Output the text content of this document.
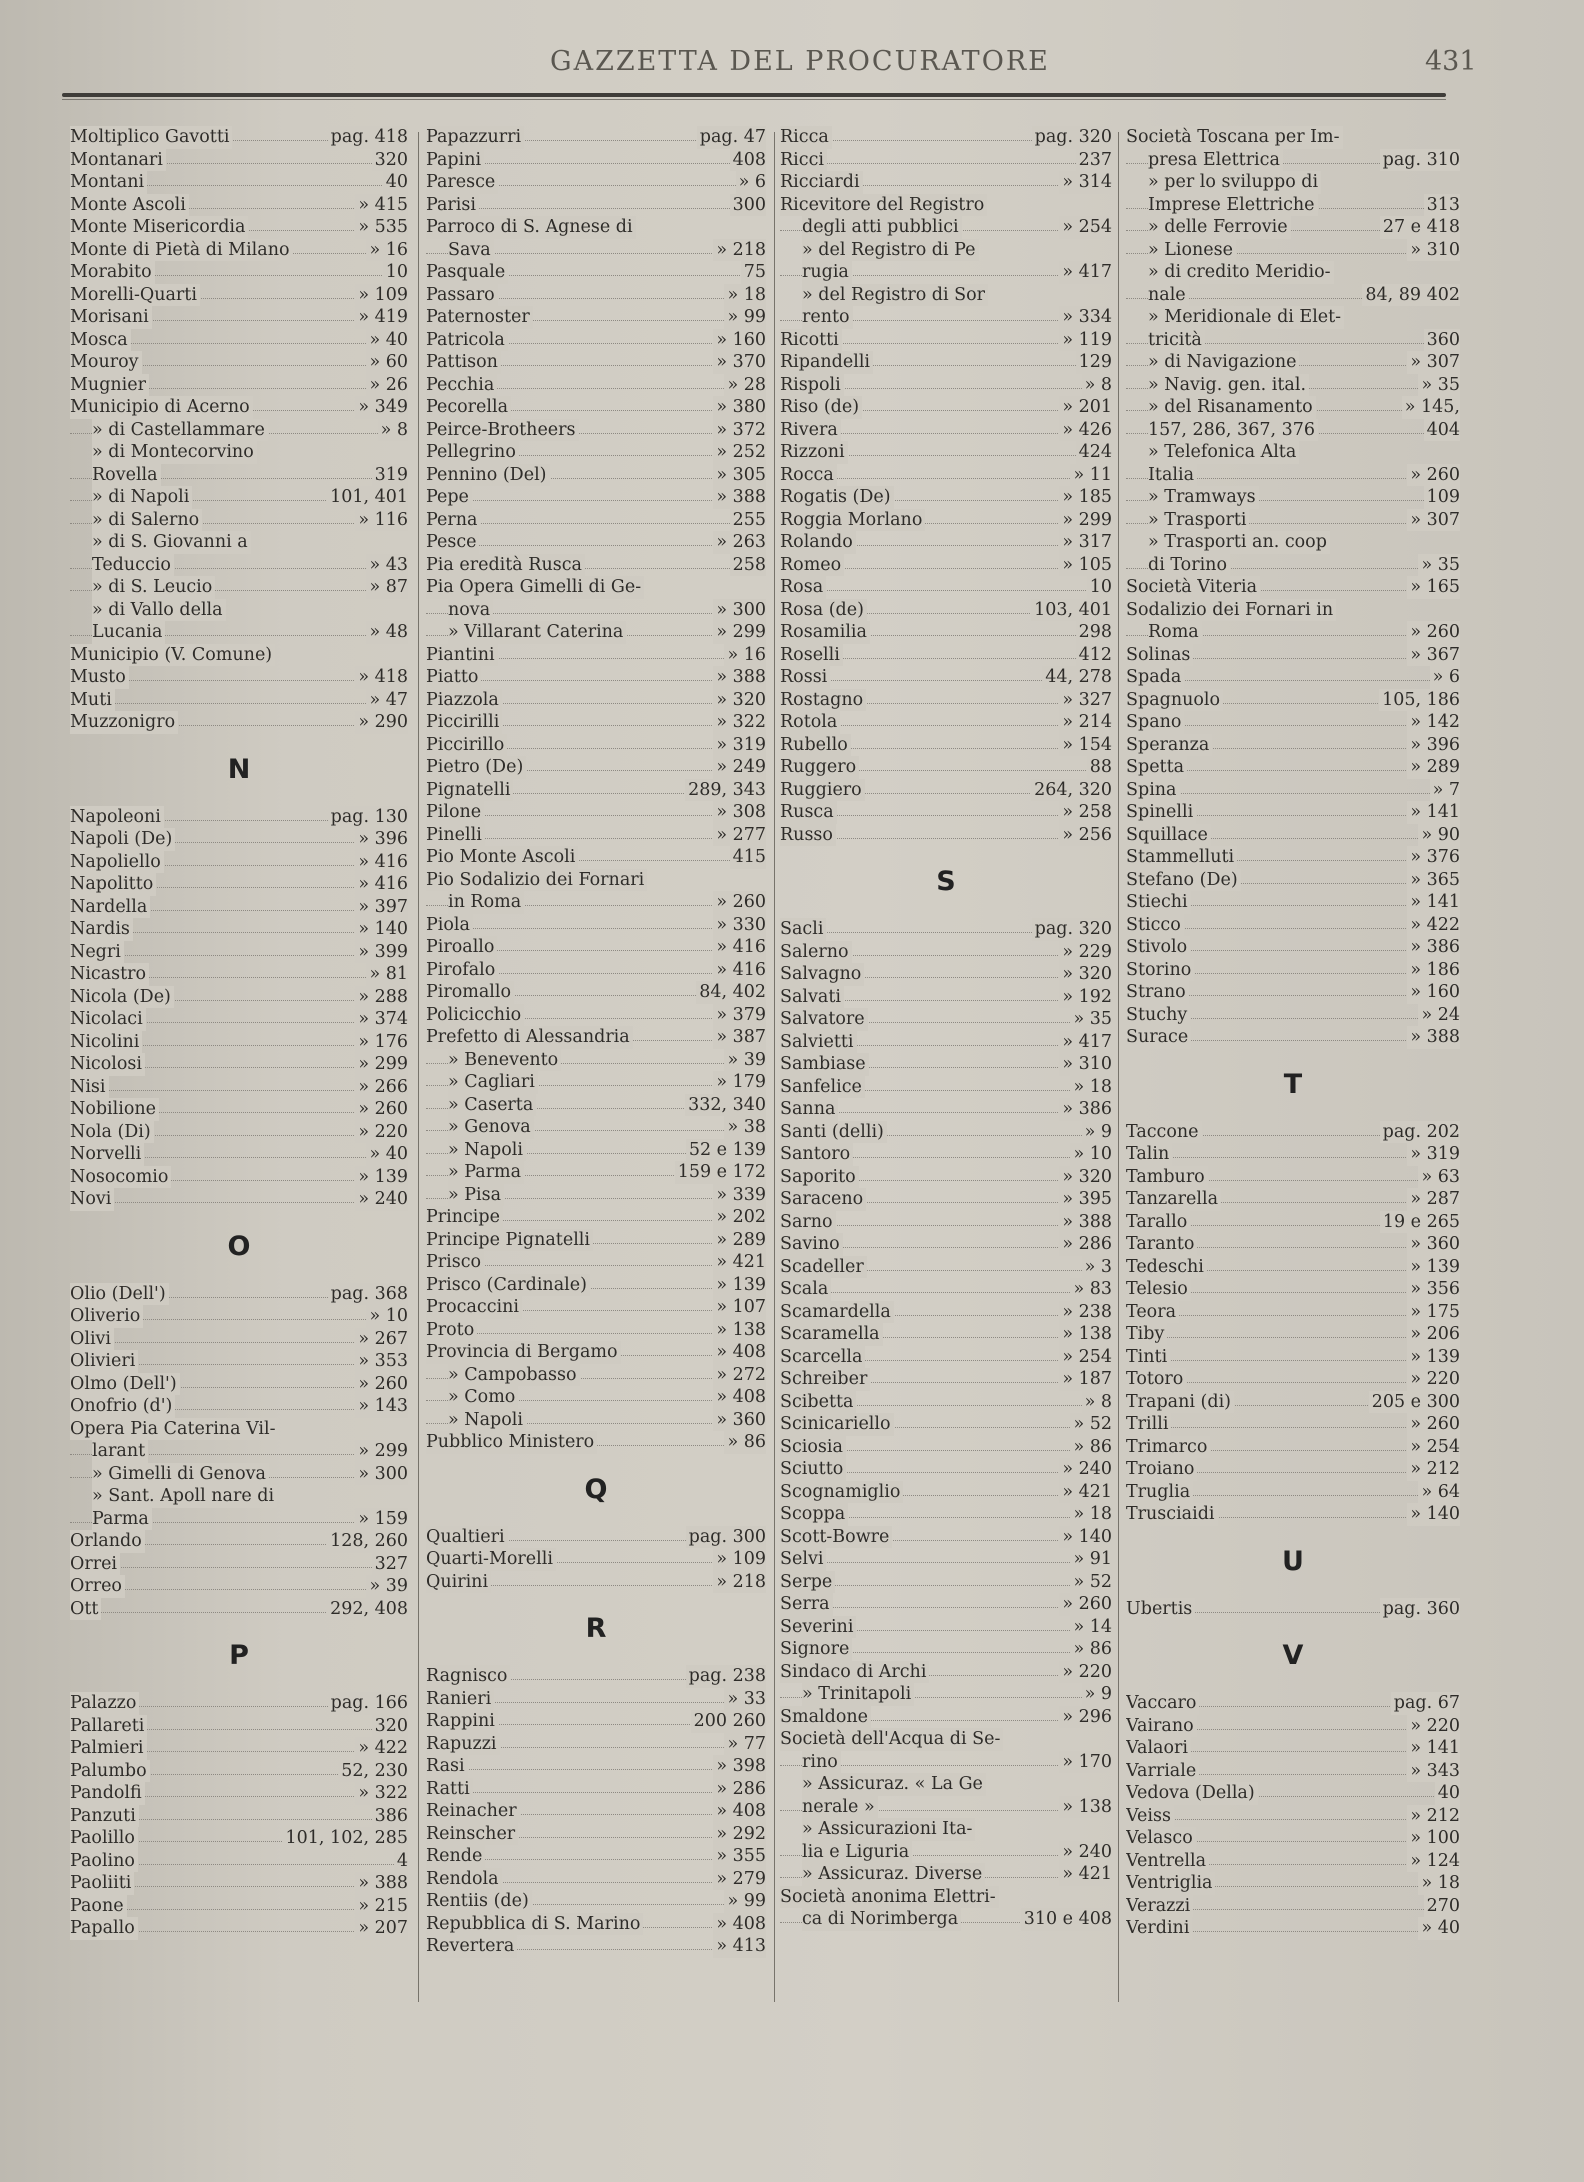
GAZZETTA DEL PROCURATORE	431
Moltiplico Gavotti	pag. 418
Montanari	320
Montani	40
Monte Ascoli	» 415
Monte Misericordia	» 535
Monte di Pietà di Milano	» 16
Morabito	10
Morelli-Quarti	» 109
Morisani	» 419
Mosca	» 40
Mouroy	» 60
Mugnier	» 26
Municipio di Acerno	» 349
» di Castellammare	» 8
» di Montecorvino
Rovella	319
» di Napoli	101, 401
» di Salerno	» 116
» di S. Giovanni a
Teduccio	» 43
» di S. Leucio	» 87
» di Vallo della
Lucania	» 48
Municipio (V. Comune)
Musto	» 418
Muti	» 47
Muzzonigro	» 290
N
Napoleoni	pag. 130
Napoli (De)	» 396
Napoliello	» 416
Napolitto	» 416
Nardella	» 397
Nardis	» 140
Negri	» 399
Nicastro	» 81
Nicola (De)	» 288
Nicolaci	» 374
Nicolini	» 176
Nicolosi	» 299
Nisi	» 266
Nobilione	» 260
Nola (Di)	» 220
Norvelli	» 40
Nosocomio	» 139
Novi	» 240
O
Olio (Dell')	pag. 368
Oliverio	» 10
Olivi	» 267
Olivieri	» 353
Olmo (Dell')	» 260
Onofrio (d')	» 143
Opera Pia Caterina Vil-
larant	» 299
» Gimelli di Genova	» 300
» Sant. Apoll nare di
Parma	» 159
Orlando	128, 260
Orrei	327
Orreo	» 39
Ott	292, 408
P
Palazzo	pag. 166
Pallareti	320
Palmieri	» 422
Palumbo	52, 230
Pandolfi	» 322
Panzuti	386
Paolillo	101, 102, 285
Paolino	4
Paoliiti	» 388
Paone	» 215
Papallo	» 207
Papazzurri	pag. 47
Papini	408
Paresce	» 6
Parisi	300
Parroco di S. Agnese di
Sava	» 218
Pasquale	75
Passaro	» 18
Paternoster	» 99
Patricola	» 160
Pattison	» 370
Pecchia	» 28
Pecorella	» 380
Peirce-Brotheers	» 372
Pellegrino	» 252
Pennino (Del)	» 305
Pepe	» 388
Perna	255
Pesce	» 263
Pia eredità Rusca	258
Pia Opera Gimelli di Ge-
nova	» 300
» Villarant Caterina	» 299
Piantini	» 16
Piatto	» 388
Piazzola	» 320
Piccirilli	» 322
Piccirillo	» 319
Pietro (De)	» 249
Pignatelli	289, 343
Pilone	» 308
Pinelli	» 277
Pio Monte Ascoli	415
Pio Sodalizio dei Fornari
in Roma	» 260
Piola	» 330
Piroallo	» 416
Pirofalo	» 416
Piromallo	84, 402
Policicchio	» 379
Prefetto di Alessandria	» 387
» Benevento	» 39
» Cagliari	» 179
» Caserta	332, 340
» Genova	» 38
» Napoli	52 e 139
» Parma	159 e 172
» Pisa	» 339
Principe	» 202
Principe Pignatelli	» 289
Prisco	» 421
Prisco (Cardinale)	» 139
Procaccini	» 107
Proto	» 138
Provincia di Bergamo	» 408
» Campobasso	» 272
» Como	» 408
» Napoli	» 360
Pubblico Ministero	» 86
Q
Qualtieri	pag. 300
Quarti-Morelli	» 109
Quirini	» 218
R
Ragnisco	pag. 238
Ranieri	» 33
Rappini	200 260
Rapuzzi	» 77
Rasi	» 398
Ratti	» 286
Reinacher	» 408
Reinscher	» 292
Rende	» 355
Rendola	» 279
Rentiis (de)	» 99
Repubblica di S. Marino	» 408
Revertera	» 413
Ricca	pag. 320
Ricci	237
Ricciardi	» 314
Ricevitore del Registro
degli atti pubblici	» 254
» del Registro di Pe
rugia	» 417
» del Registro di Sor
rento	» 334
Ricotti	» 119
Ripandelli	129
Rispoli	» 8
Riso (de)	» 201
Rivera	» 426
Rizzoni	424
Rocca	» 11
Rogatis (De)	» 185
Roggia Morlano	» 299
Rolando	» 317
Romeo	» 105
Rosa	10
Rosa (de)	103, 401
Rosamilia	298
Roselli	412
Rossi	44, 278
Rostagno	» 327
Rotola	» 214
Rubello	» 154
Ruggero	88
Ruggiero	264, 320
Rusca	» 258
Russo	» 256
S
Sacli	pag. 320
Salerno	» 229
Salvagno	» 320
Salvati	» 192
Salvatore	» 35
Salvietti	» 417
Sambiase	» 310
Sanfelice	» 18
Sanna	» 386
Santi (delli)	» 9
Santoro	» 10
Saporito	» 320
Saraceno	» 395
Sarno	» 388
Savino	» 286
Scadeller	» 3
Scala	» 83
Scamardella	» 238
Scaramella	» 138
Scarcella	» 254
Schreiber	» 187
Scibetta	» 8
Scinicariello	» 52
Sciosia	» 86
Sciutto	» 240
Scognamiglio	» 421
Scoppa	» 18
Scott-Bowre	» 140
Selvi	» 91
Serpe	» 52
Serra	» 260
Severini	» 14
Signore	» 86
Sindaco di Archi	» 220
» Trinitapoli	» 9
Smaldone	» 296
Società dell'Acqua di Se-
rino	» 170
» Assicuraz. « La Ge
nerale »	» 138
» Assicurazioni Ita-
lia e Liguria	» 240
» Assicuraz. Diverse	» 421
Società anonima Elettri-
ca di Norimberga	310 e 408
Società Toscana per Im-
presa Elettrica	pag. 310
» per lo sviluppo di
Imprese Elettriche	313
» delle Ferrovie	27 e 418
» Lionese	» 310
» di credito Meridio-
nale	84, 89 402
» Meridionale di Elet-
tricità	360
» di Navigazione	» 307
» Navig. gen. ital.	» 35
» del Risanamento	» 145,
157, 286, 367, 376	404
» Telefonica Alta
Italia	» 260
» Tramways	109
» Trasporti	» 307
» Trasporti an. coop
di Torino	» 35
Società Viteria	» 165
Sodalizio dei Fornari in
Roma	» 260
Solinas	» 367
Spada	» 6
Spagnuolo	105, 186
Spano	» 142
Speranza	» 396
Spetta	» 289
Spina	» 7
Spinelli	» 141
Squillace	» 90
Stammelluti	» 376
Stefano (De)	» 365
Stiechi	» 141
Sticco	» 422
Stivolo	» 386
Storino	» 186
Strano	» 160
Stuchy	» 24
Surace	» 388
T
Taccone	pag. 202
Talin	» 319
Tamburo	» 63
Tanzarella	» 287
Tarallo	19 e 265
Taranto	» 360
Tedeschi	» 139
Telesio	» 356
Teora	» 175
Tiby	» 206
Tinti	» 139
Totoro	» 220
Trapani (di)	205 e 300
Trilli	» 260
Trimarco	» 254
Troiano	» 212
Truglia	» 64
Trusciaidi	» 140
U
Ubertis	pag. 360
V
Vaccaro	pag. 67
Vairano	» 220
Valaori	» 141
Varriale	» 343
Vedova (Della)	40
Veiss	» 212
Velasco	» 100
Ventrella	» 124
Ventriglia	» 18
Verazzi	270
Verdini	» 40
